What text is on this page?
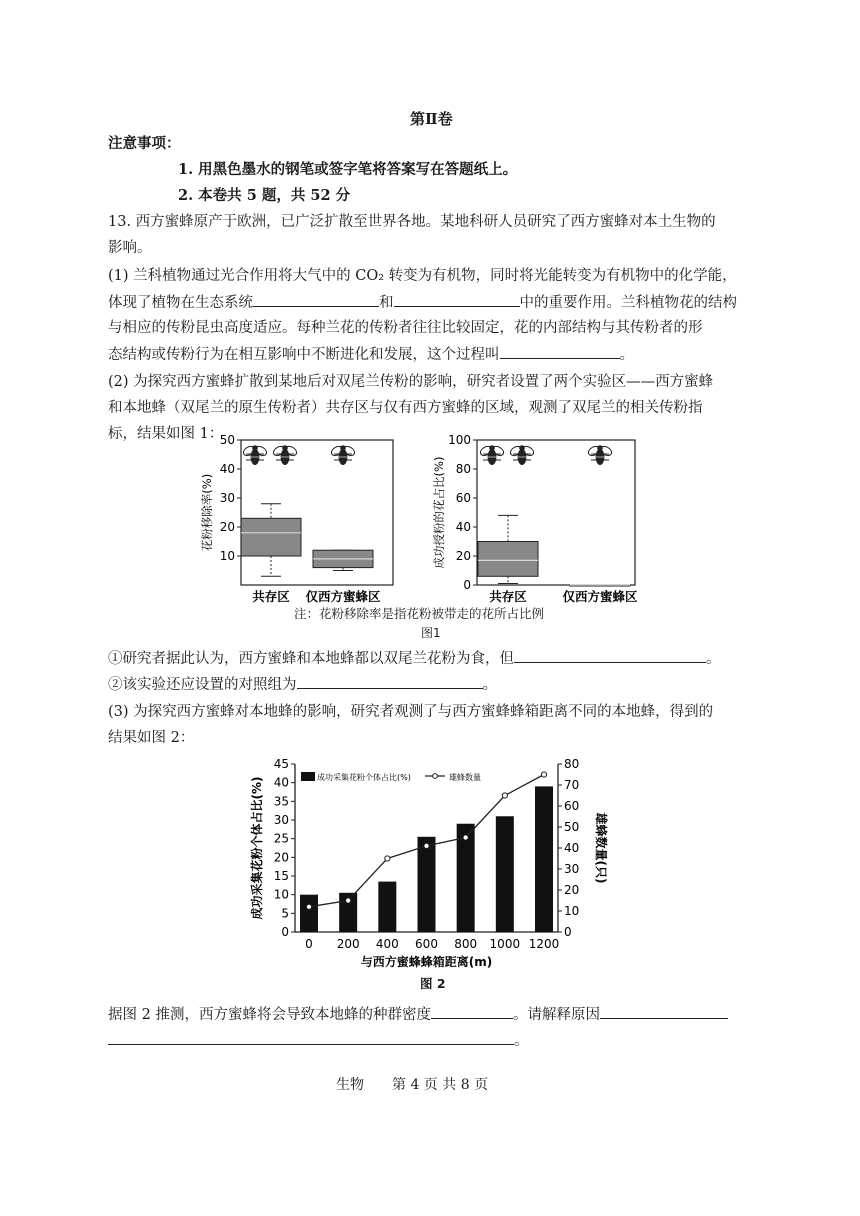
第Ⅱ卷
注意事项：
1. 用黑色墨水的钢笔或签字笔将答案写在答题纸上。
2. 本卷共 5 题，共 52 分
13. 西方蜜蜂原产于欧洲，已广泛扩散至世界各地。某地科研人员研究了西方蜜蜂对本土生物的
影响。
(1) 兰科植物通过光合作用将大气中的 CO₂ 转变为有机物，同时将光能转变为有机物中的化学能，
体现了植物在生态系统	和	中的重要作用。兰科植物花的结构
与相应的传粉昆虫高度适应。每种兰花的传粉者往往比较固定，花的内部结构与其传粉者的形
态结构或传粉行为在相互影响中不断进化和发展，这个过程叫	。
(2) 为探究西方蜜蜂扩散到某地后对双尾兰传粉的影响，研究者设置了两个实验区——西方蜜蜂
和本地蜂（双尾兰的原生传粉者）共存区与仅有西方蜜蜂的区域，观测了双尾兰的相关传粉指
标，结果如图 1：
10
20
30
40
50
花粉移除率(%)
共存区 仅西方蜜蜂区
0
20
40
60
80
100
成功授粉的花占比(%)
共存区	仅西方蜜蜂区
注：花粉移除率是指花粉被带走的花所占比例
图1
①研究者据此认为，西方蜜蜂和本地蜂都以双尾兰花粉为食，但	。
②该实验还应设置的对照组为	。
(3) 为探究西方蜜蜂对本地蜂的影响，研究者观测了与西方蜜蜂蜂箱距离不同的本地蜂，得到的
结果如图 2：
0
5
10
15
20
25
30
35
40
45
0
10
20
30
40
50
60
70
80
0 200 400 600 800 1000 1200
与西方蜜蜂蜂箱距离(m)
成功采集花粉个体占比(%)	雄蜂数量(只)
成功采集花粉个体占比(%)	雄蜂数量
图 2
据图 2 推测，西方蜜蜂将会导致本地蜂的种群密度	。请解释原因
。
生物　　第 4 页 共 8 页
